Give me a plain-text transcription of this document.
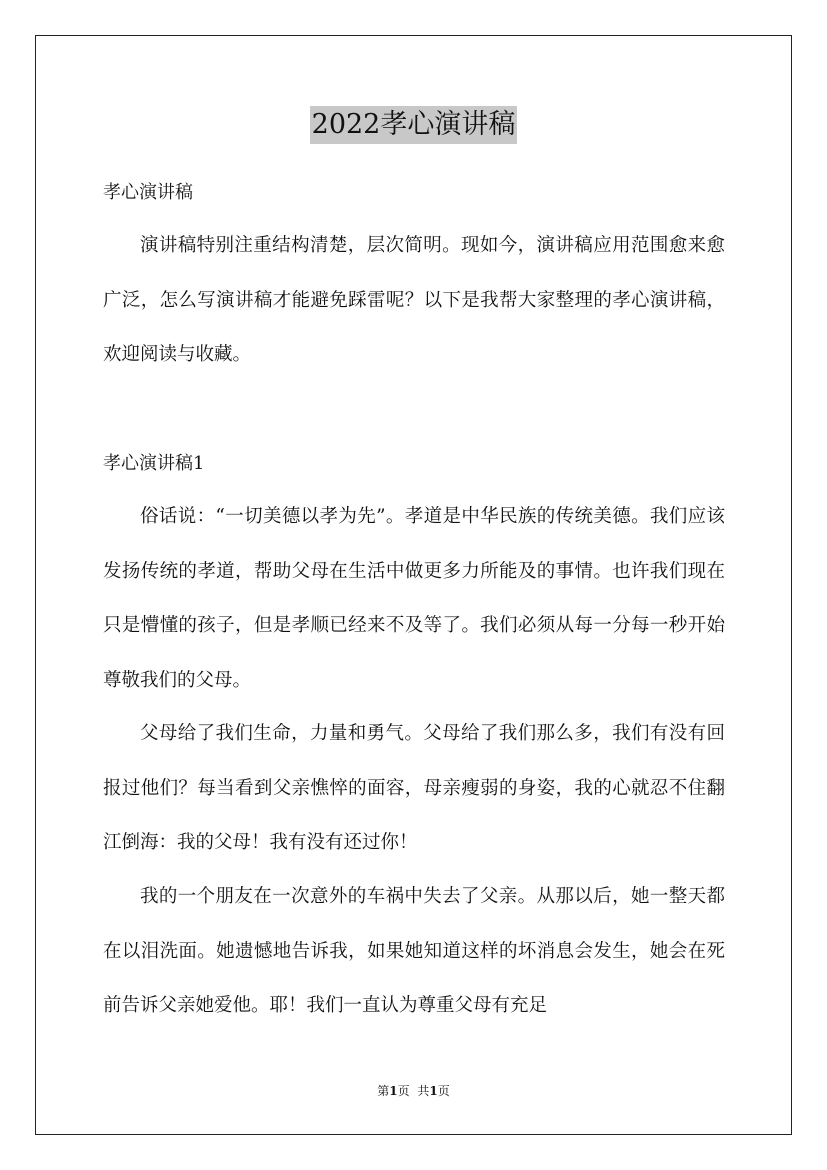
2022孝心演讲稿

孝心演讲稿

演讲稿特别注重结构清楚，层次简明。现如今，演讲稿应用范围愈来愈广泛，怎么写演讲稿才能避免踩雷呢？以下是我帮大家整理的孝心演讲稿，欢迎阅读与收藏。

孝心演讲稿1

俗话说：“一切美德以孝为先”。孝道是中华民族的传统美德。我们应该发扬传统的孝道，帮助父母在生活中做更多力所能及的事情。也许我们现在只是懵懂的孩子，但是孝顺已经来不及等了。我们必须从每一分每一秒开始尊敬我们的父母。

父母给了我们生命，力量和勇气。父母给了我们那么多，我们有没有回报过他们？每当看到父亲憔悴的面容，母亲瘦弱的身姿，我的心就忍不住翻江倒海：我的父母！我有没有还过你！

我的一个朋友在一次意外的车祸中失去了父亲。从那以后，她一整天都在以泪洗面。她遗憾地告诉我，如果她知道这样的坏消息会发生，她会在死前告诉父亲她爱他。耶！我们一直认为尊重父母有充足

第1页 共1页
